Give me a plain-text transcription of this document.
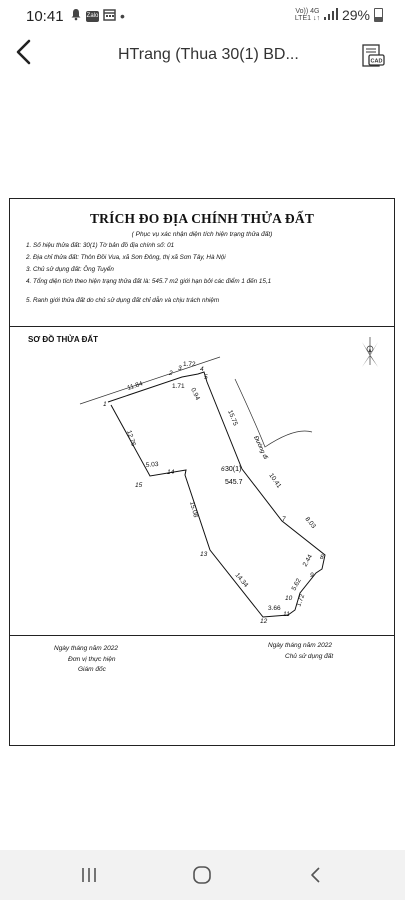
10:41	Zalo •	Vo)) 4G
LTE1 ↓↑ 29%
HTrang (Thua 30(1) BD...	CAD
TRÍCH ĐO ĐỊA CHÍNH THỬA ĐẤT
( Phục vụ xác nhận diện tích hiện trạng thửa đất)
1. Số hiệu thửa đất: 30(1) Tờ bản đồ địa chính số: 01
2. Địa chỉ thửa đất: Thôn Đồi Vua, xã Sơn Đông, thị xã Sơn Tây, Hà Nội
3. Chủ sử dụng đất: Ông Tuyển
4. Tổng diện tích theo hiện trạng thửa đất là: 545.7 m2 giới hạn bởi các điểm 1 đến 15,1
5. Ranh giới thửa đất do chủ sử dụng đất chỉ dẫn và chịu trách nhiệm
SƠ ĐỒ THỬA ĐẤT
B
Đường đi
30(1)
545.7
1
2
3	4
5
6
7
8
9
10
11
12
13
14
15
11.84
1.72
1.71
0.94
15.75
10.41
8.03
2.44
5.62
1.72
3.66
14.34
15.08
5.03
12.76
Ngày tháng năm 2022
Đơn vị thực hiện
Giám đốc
Ngày tháng năm 2022
Chủ sử dụng đất
